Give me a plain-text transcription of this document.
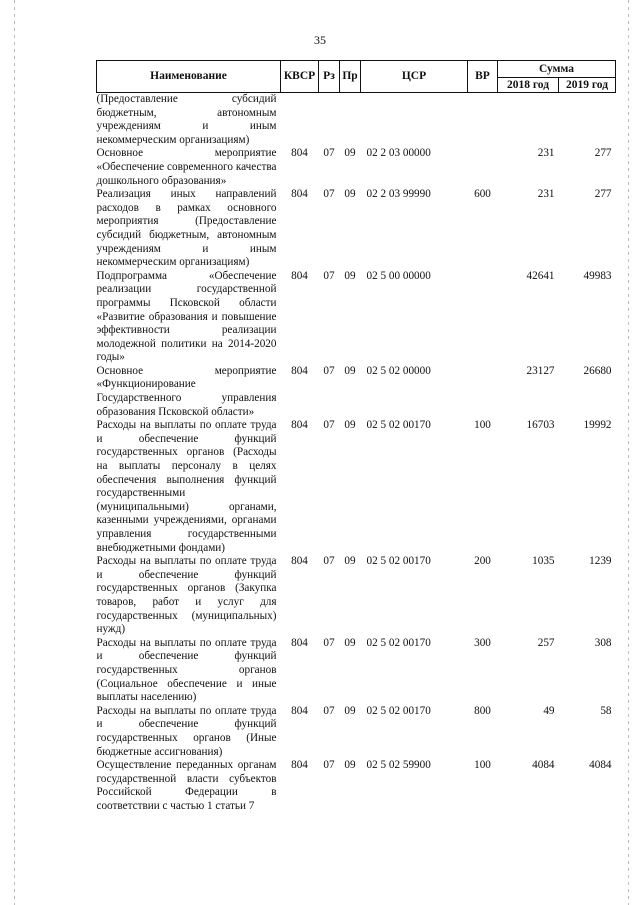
35
Наименование	КВСР	Рз	Пр	ЦСР	ВР	Сумма	
						2018 год	2019 год
(Предоставление субсидий бюджетным, автономным учреждениям и иным некоммерческим организациям)							
Основное мероприятие «Обеспечение современного качества дошкольного образования»	804	07	09	02 2 03 00000		231	277
Реализация иных направлений расходов в рамках основного мероприятия (Предоставление субсидий бюджетным, автономным учреждениям и иным некоммерческим организациям)	804	07	09	02 2 03 99990	600	231	277
Подпрограмма «Обеспечение реализации государственной программы Псковской области «Развитие образования и повышение эффективности реализации молодежной политики на 2014-2020 годы»	804	07	09	02 5 00 00000		42641	49983
Основное мероприятие «Функционирование Государственного управления образования Псковской области»	804	07	09	02 5 02 00000		23127	26680
Расходы на выплаты по оплате труда и обеспечение функций государственных органов (Расходы на выплаты персоналу в целях обеспечения выполнения функций государственными (муниципальными) органами, казенными учреждениями, органами управления государственными внебюджетными фондами)	804	07	09	02 5 02 00170	100	16703	19992
Расходы на выплаты по оплате труда и обеспечение функций государственных органов (Закупка товаров, работ и услуг для государственных (муниципальных) нужд)	804	07	09	02 5 02 00170	200	1035	1239
Расходы на выплаты по оплате труда и обеспечение функций государственных органов (Социальное обеспечение и иные выплаты населению)	804	07	09	02 5 02 00170	300	257	308
Расходы на выплаты по оплате труда и обеспечение функций государственных органов (Иные бюджетные ассигнования)	804	07	09	02 5 02 00170	800	49	58
Осуществление переданных органам государственной власти субъектов Российской Федерации в соответствии с частью 1 статьи 7	804	07	09	02 5 02 59900	100	4084	4084
